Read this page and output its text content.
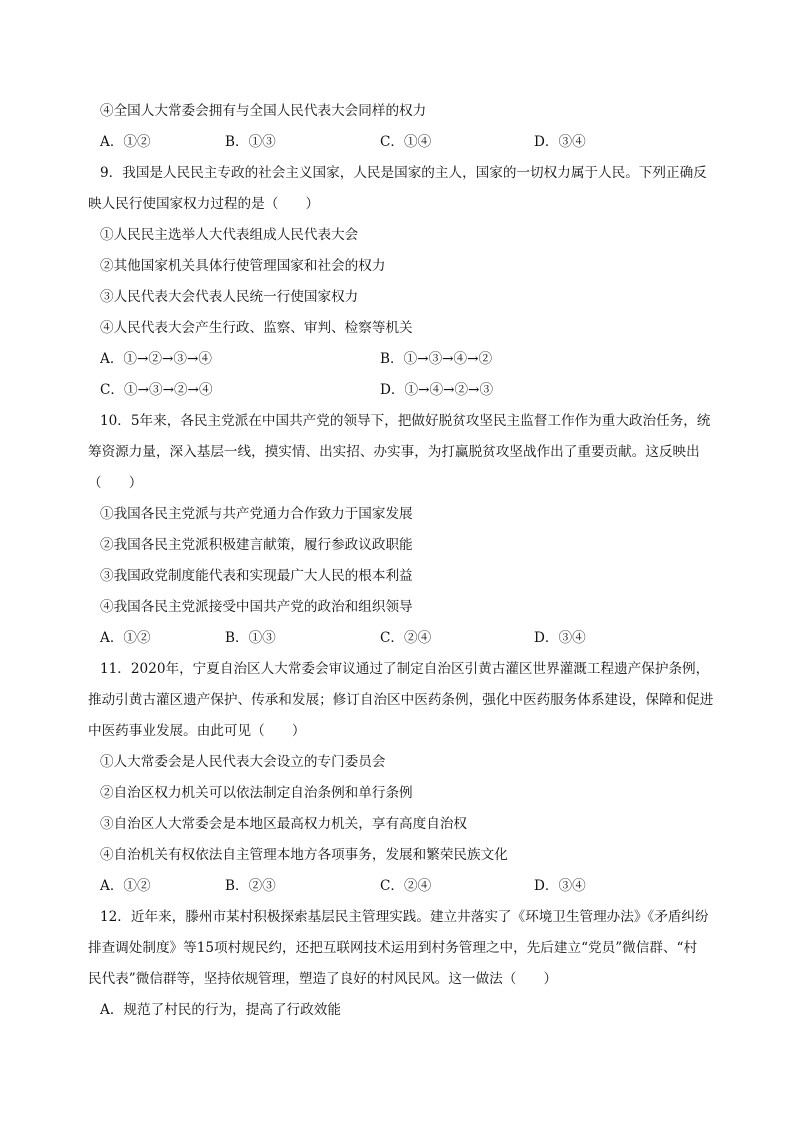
④全国人大常委会拥有与全国人民代表大会同样的权力
A．①②	B．①③	C．①④	D．③④
9．我国是人民民主专政的社会主义国家，人民是国家的主人，国家的一切权力属于人民。下列正确反
映人民行使国家权力过程的是（　　）
①人民民主选举人大代表组成人民代表大会
②其他国家机关具体行使管理国家和社会的权力
③人民代表大会代表人民统一行使国家权力
④人民代表大会产生行政、监察、审判、检察等机关
A．①→②→③→④	B．①→③→④→②
C．①→③→②→④	D．①→④→②→③
10．5年来，各民主党派在中国共产党的领导下，把做好脱贫攻坚民主监督工作作为重大政治任务，统
筹资源力量，深入基层一线，摸实情、出实招、办实事，为打赢脱贫攻坚战作出了重要贡献。这反映出
（　　）
①我国各民主党派与共产党通力合作致力于国家发展
②我国各民主党派积极建言献策，履行参政议政职能
③我国政党制度能代表和实现最广大人民的根本利益
④我国各民主党派接受中国共产党的政治和组织领导
A．①②	B．①③	C．②④	D．③④
11．2020年，宁夏自治区人大常委会审议通过了制定自治区引黄古灌区世界灌溉工程遗产保护条例，
推动引黄古灌区遗产保护、传承和发展；修订自治区中医药条例，强化中医药服务体系建设，保障和促进
中医药事业发展。由此可见（　　）
①人大常委会是人民代表大会设立的专门委员会
②自治区权力机关可以依法制定自治条例和单行条例
③自治区人大常委会是本地区最高权力机关，享有高度自治权
④自治机关有权依法自主管理本地方各项事务，发展和繁荣民族文化
A．①②	B．②③	C．②④	D．③④
12．近年来，滕州市某村积极探索基层民主管理实践。建立井落实了《环境卫生管理办法》《矛盾纠纷
排查调处制度》等15项村规民约，还把互联网技术运用到村务管理之中，先后建立“党员”微信群、“村
民代表”微信群等，坚持依规管理，塑造了良好的村风民风。这一做法（　　）
A．规范了村民的行为，提高了行政效能
